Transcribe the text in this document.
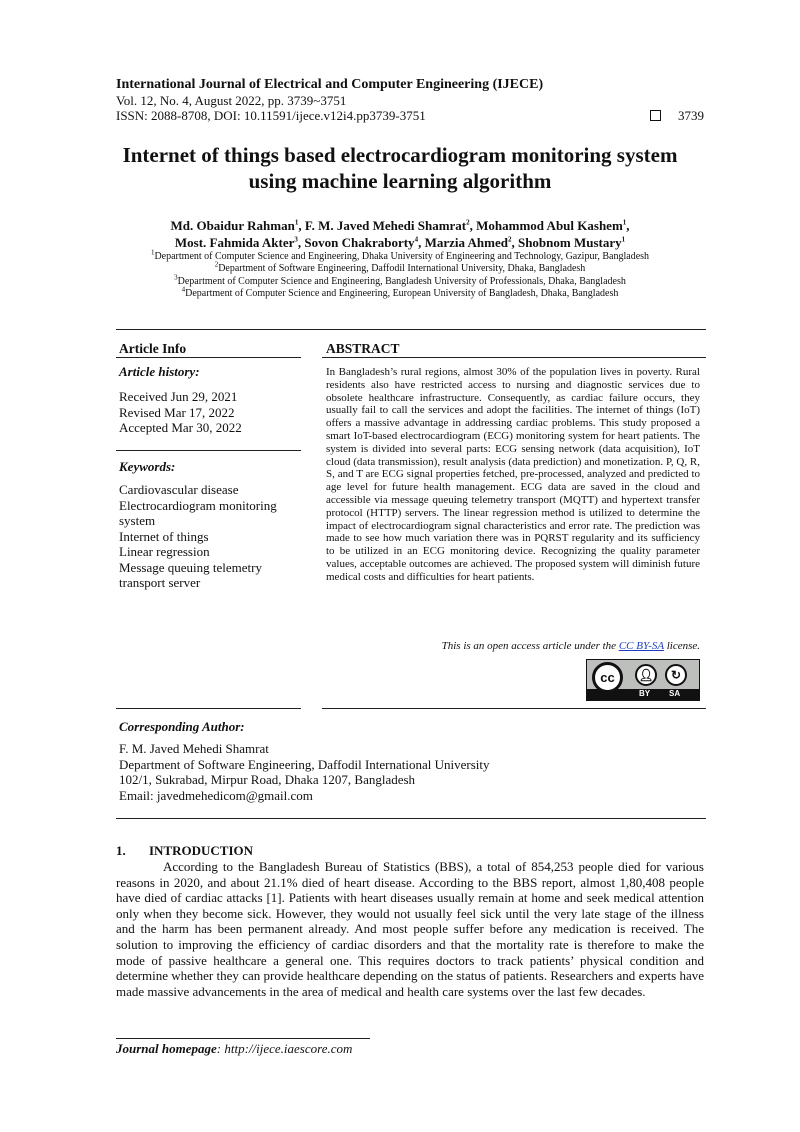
International Journal of Electrical and Computer Engineering (IJECE)
Vol. 12, No. 4, August 2022, pp. 3739~3751
ISSN: 2088-8708, DOI: 10.11591/ijece.v12i4.pp3739-3751	3739
Internet of things based electrocardiogram monitoring system
using machine learning algorithm
Md. Obaidur Rahman$^1$, F. M. Javed Mehedi Shamrat$^2$, Mohammod Abul Kashem$^1$,
Most. Fahmida Akter$^3$, Sovon Chakraborty$^4$, Marzia Ahmed$^2$, Shobnom Mustary$^1$
$^1$Department of Computer Science and Engineering, Dhaka University of Engineering and Technology, Gazipur, Bangladesh
$^2$Department of Software Engineering, Daffodil International University, Dhaka, Bangladesh
$^3$Department of Computer Science and Engineering, Bangladesh University of Professionals, Dhaka, Bangladesh
$^4$Department of Computer Science and Engineering, European University of Bangladesh, Dhaka, Bangladesh
Article Info
Article history:
Received Jun 29, 2021
Revised Mar 17, 2022
Accepted Mar 30, 2022
Keywords:
Cardiovascular disease
Electrocardiogram monitoring
system
Internet of things
Linear regression
Message queuing telemetry
transport server
ABSTRACT
In Bangladesh’s rural regions, almost 30% of the population lives in poverty. Rural residents also have restricted access to nursing and diagnostic services due to obsolete healthcare infrastructure. Consequently, as cardiac failure occurs, they usually fail to call the services and adopt the facilities. The internet of things (IoT) offers a massive advantage in addressing cardiac problems. This study proposed a smart IoT-based electrocardiogram (ECG) monitoring system for heart patients. The system is divided into several parts: ECG sensing network (data acquisition), IoT cloud (data transmission), result analysis (data prediction) and monetization. P, Q, R, S, and T are ECG signal properties fetched, pre-processed, analyzed and predicted to age level for future health management. ECG data are saved in the cloud and accessible via message queuing telemetry transport (MQTT) and hypertext transfer protocol (HTTP) servers. The linear regression method is utilized to determine the impact of electrocardiogram signal characteristics and error rate. The prediction was made to see how much variation there was in PQRST regularity and its sufficiency to be utilized in an ECG monitoring device. Recognizing the quality parameter values, acceptable outcomes are achieved. The proposed system will diminish future medical costs and difficulties for heart patients.
This is an open access article under the CC BY-SA license.
cc	👤︎	↻
BY SA
Corresponding Author:
F. M. Javed Mehedi Shamrat
Department of Software Engineering, Daffodil International University
102/1, Sukrabad, Mirpur Road, Dhaka 1207, Bangladesh
Email: javedmehedicom@gmail.com
1. INTRODUCTION
According to the Bangladesh Bureau of Statistics (BBS), a total of 854,253 people died for various reasons in 2020, and about 21.1% died of heart disease. According to the BBS report, almost 1,80,408 people have died of cardiac attacks [1]. Patients with heart diseases usually remain at home and seek medical attention only when they become sick. However, they would not usually feel sick until the very late stage of the illness and the harm has been permanent already. And most people suffer before any medication is received. The solution to improving the efficiency of cardiac disorders and that the mortality rate is therefore to make the mode of passive healthcare a general one. This requires doctors to track patients’ physical condition and determine whether they can provide healthcare depending on the status of patients. Researchers and experts have made massive advancements in the area of medical and health care systems over the last few decades.
Journal homepage: http://ijece.iaescore.com
